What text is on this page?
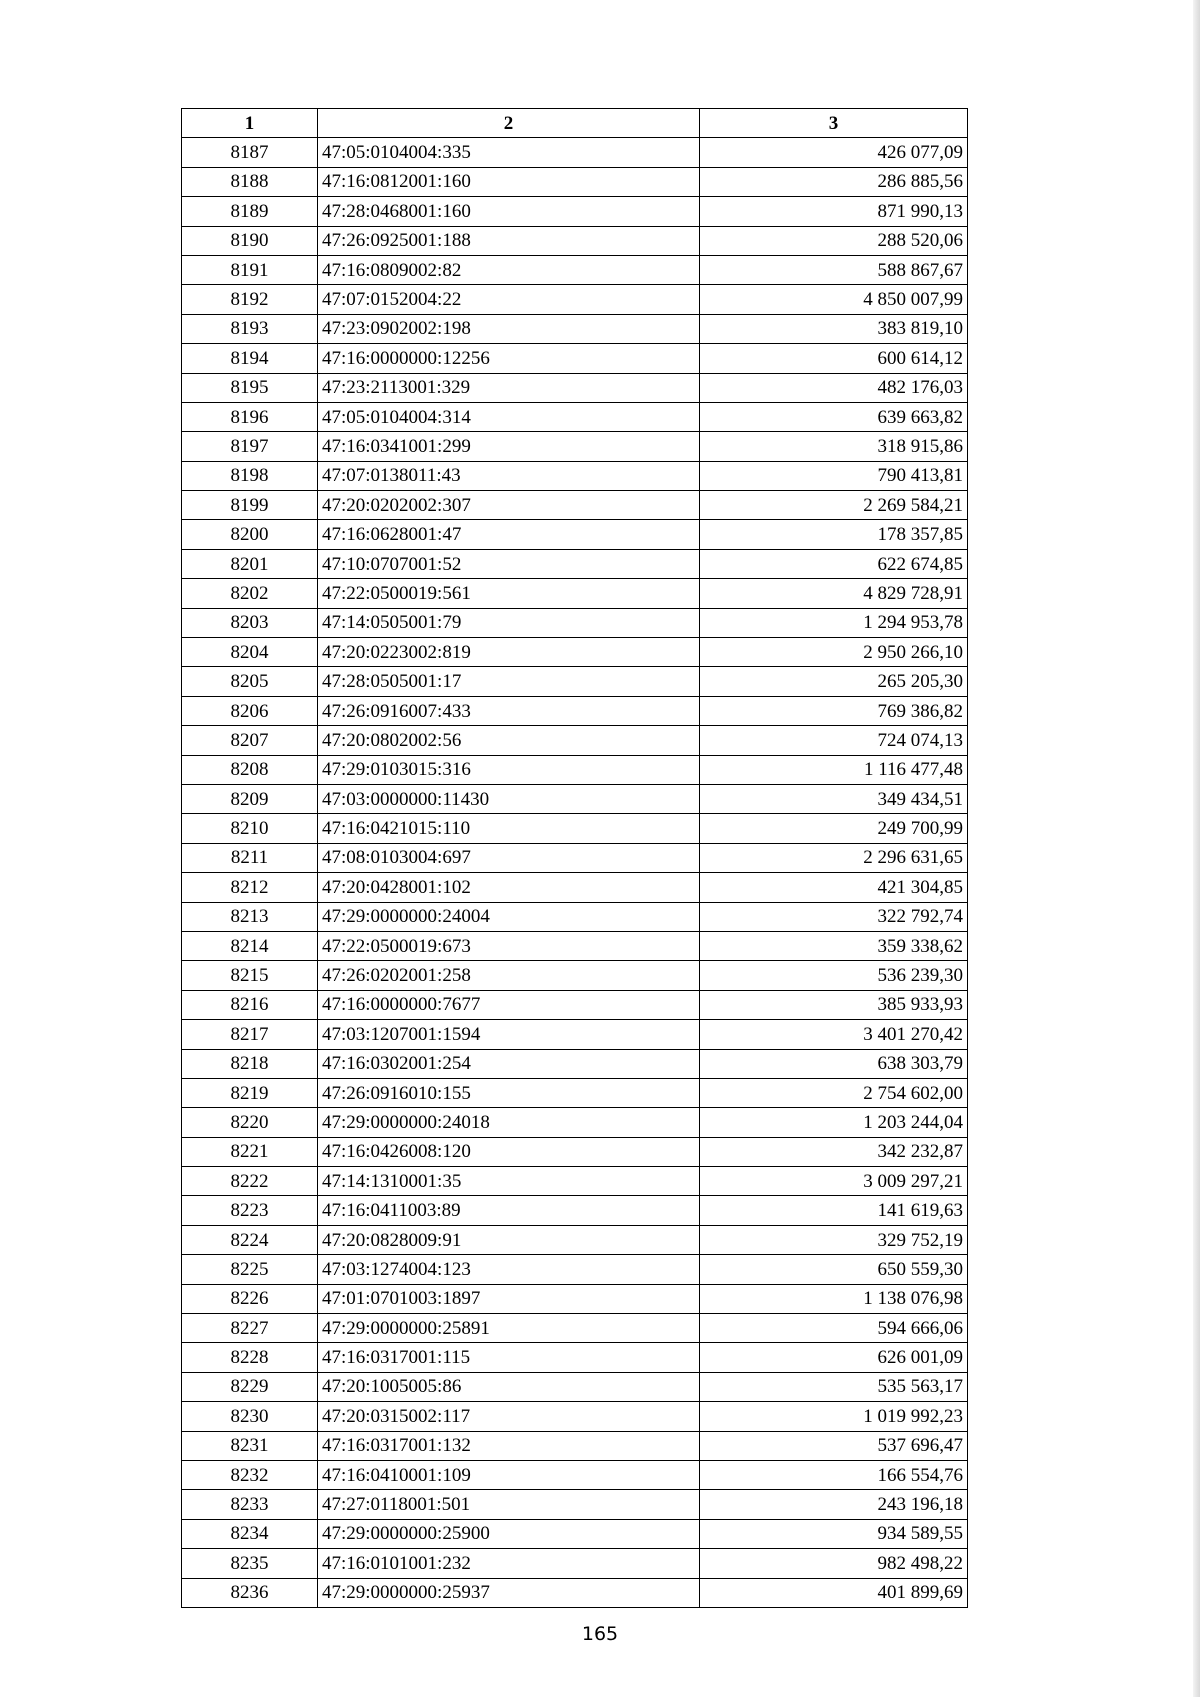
1	2	3
8187	47:05:0104004:335	426 077,09
8188	47:16:0812001:160	286 885,56
8189	47:28:0468001:160	871 990,13
8190	47:26:0925001:188	288 520,06
8191	47:16:0809002:82	588 867,67
8192	47:07:0152004:22	4 850 007,99
8193	47:23:0902002:198	383 819,10
8194	47:16:0000000:12256	600 614,12
8195	47:23:2113001:329	482 176,03
8196	47:05:0104004:314	639 663,82
8197	47:16:0341001:299	318 915,86
8198	47:07:0138011:43	790 413,81
8199	47:20:0202002:307	2 269 584,21
8200	47:16:0628001:47	178 357,85
8201	47:10:0707001:52	622 674,85
8202	47:22:0500019:561	4 829 728,91
8203	47:14:0505001:79	1 294 953,78
8204	47:20:0223002:819	2 950 266,10
8205	47:28:0505001:17	265 205,30
8206	47:26:0916007:433	769 386,82
8207	47:20:0802002:56	724 074,13
8208	47:29:0103015:316	1 116 477,48
8209	47:03:0000000:11430	349 434,51
8210	47:16:0421015:110	249 700,99
8211	47:08:0103004:697	2 296 631,65
8212	47:20:0428001:102	421 304,85
8213	47:29:0000000:24004	322 792,74
8214	47:22:0500019:673	359 338,62
8215	47:26:0202001:258	536 239,30
8216	47:16:0000000:7677	385 933,93
8217	47:03:1207001:1594	3 401 270,42
8218	47:16:0302001:254	638 303,79
8219	47:26:0916010:155	2 754 602,00
8220	47:29:0000000:24018	1 203 244,04
8221	47:16:0426008:120	342 232,87
8222	47:14:1310001:35	3 009 297,21
8223	47:16:0411003:89	141 619,63
8224	47:20:0828009:91	329 752,19
8225	47:03:1274004:123	650 559,30
8226	47:01:0701003:1897	1 138 076,98
8227	47:29:0000000:25891	594 666,06
8228	47:16:0317001:115	626 001,09
8229	47:20:1005005:86	535 563,17
8230	47:20:0315002:117	1 019 992,23
8231	47:16:0317001:132	537 696,47
8232	47:16:0410001:109	166 554,76
8233	47:27:0118001:501	243 196,18
8234	47:29:0000000:25900	934 589,55
8235	47:16:0101001:232	982 498,22
8236	47:29:0000000:25937	401 899,69
165
